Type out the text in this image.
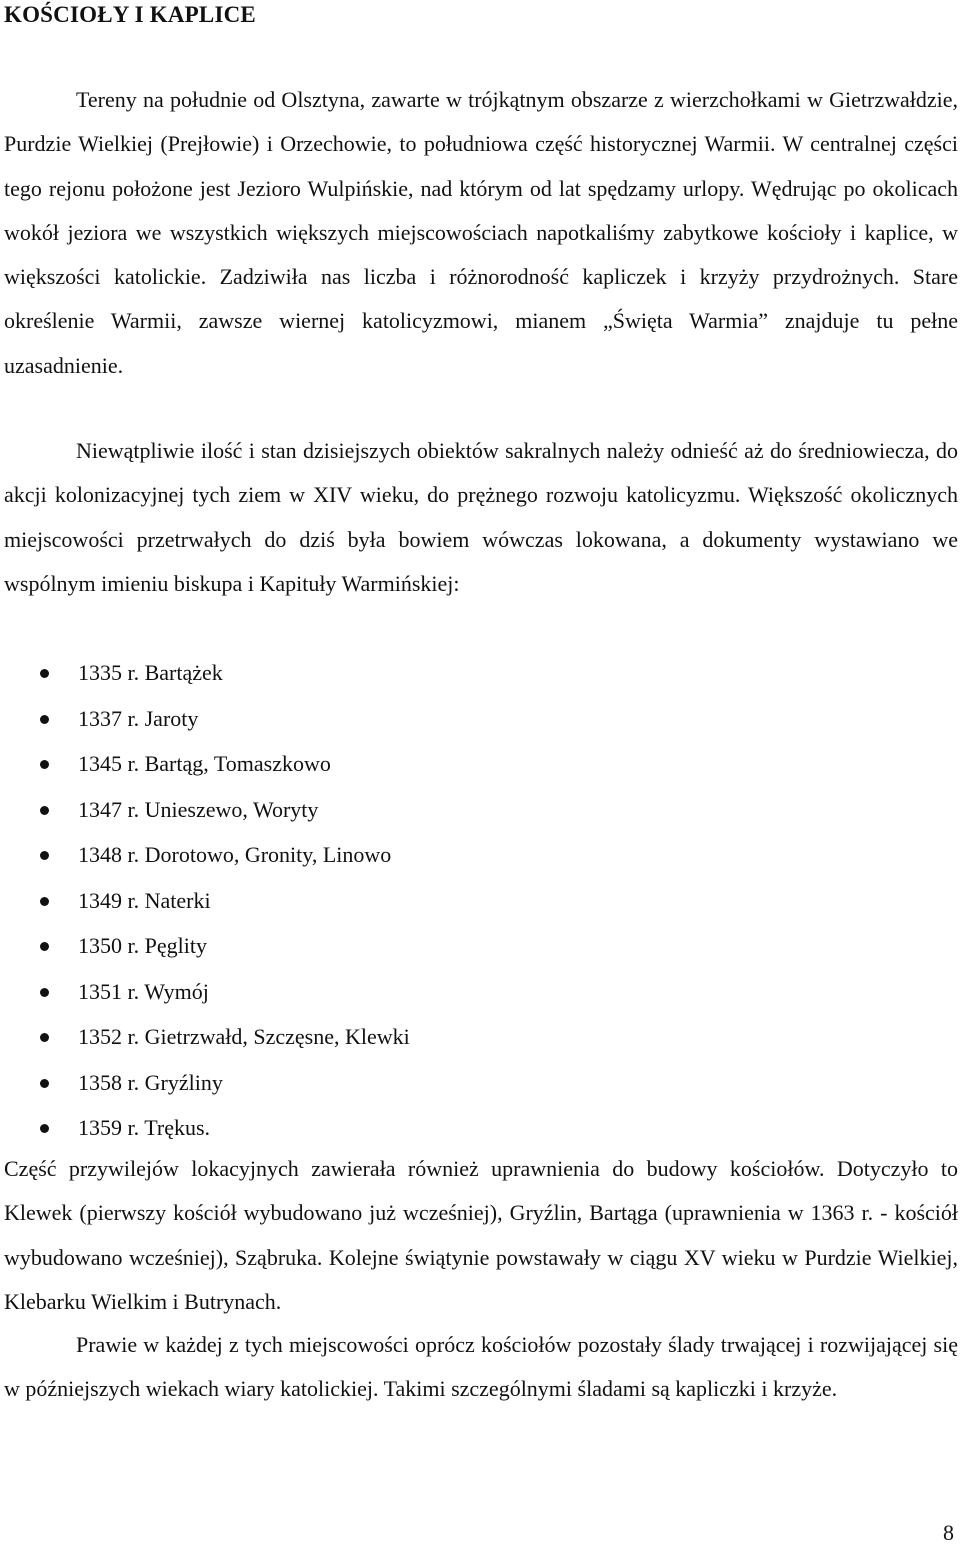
KOŚCIOŁY I KAPLICE

Tereny na południe od Olsztyna, zawarte w trójkątnym obszarze z wierzchołkami w Gietrzwałdzie, Purdzie Wielkiej (Prejłowie) i Orzechowie, to południowa część historycznej Warmii. W centralnej części tego rejonu położone jest Jezioro Wulpińskie, nad którym od lat spędzamy urlopy. Wędrując po okolicach wokół jeziora we wszystkich większych miejscowościach napotkaliśmy zabytkowe kościoły i kaplice, w większości katolickie. Zadziwiła nas liczba i różnorodność kapliczek i krzyży przydrożnych. Stare określenie Warmii, zawsze wiernej katolicyzmowi, mianem „Święta Warmia” znajduje tu pełne uzasadnienie.

Niewątpliwie ilość i stan dzisiejszych obiektów sakralnych należy odnieść aż do średniowiecza, do akcji kolonizacyjnej tych ziem w XIV wieku, do prężnego rozwoju katolicyzmu. Większość okolicznych miejscowości przetrwałych do dziś była bowiem wówczas lokowana, a dokumenty wystawiano we wspólnym imieniu biskupa i Kapituły Warmińskiej:

1335 r. Bartążek
1337 r. Jaroty
1345 r. Bartąg, Tomaszkowo
1347 r. Unieszewo, Woryty
1348 r. Dorotowo, Gronity, Linowo
1349 r. Naterki
1350 r. Pęglity
1351 r. Wymój
1352 r. Gietrzwałd, Szczęsne, Klewki
1358 r. Gryźliny
1359 r. Trękus.

Część przywilejów lokacyjnych zawierała również uprawnienia do budowy kościołów. Dotyczyło to Klewek (pierwszy kościół wybudowano już wcześniej), Gryźlin, Bartąga (uprawnienia w 1363 r. - kościół wybudowano wcześniej), Sząbruka. Kolejne świątynie powstawały w ciągu XV wieku w Purdzie Wielkiej, Klebarku Wielkim i Butrynach.

Prawie w każdej z tych miejscowości oprócz kościołów pozostały ślady trwającej i rozwijającej się w późniejszych wiekach wiary katolickiej. Takimi szczególnymi śladami są kapliczki i krzyże.

8
